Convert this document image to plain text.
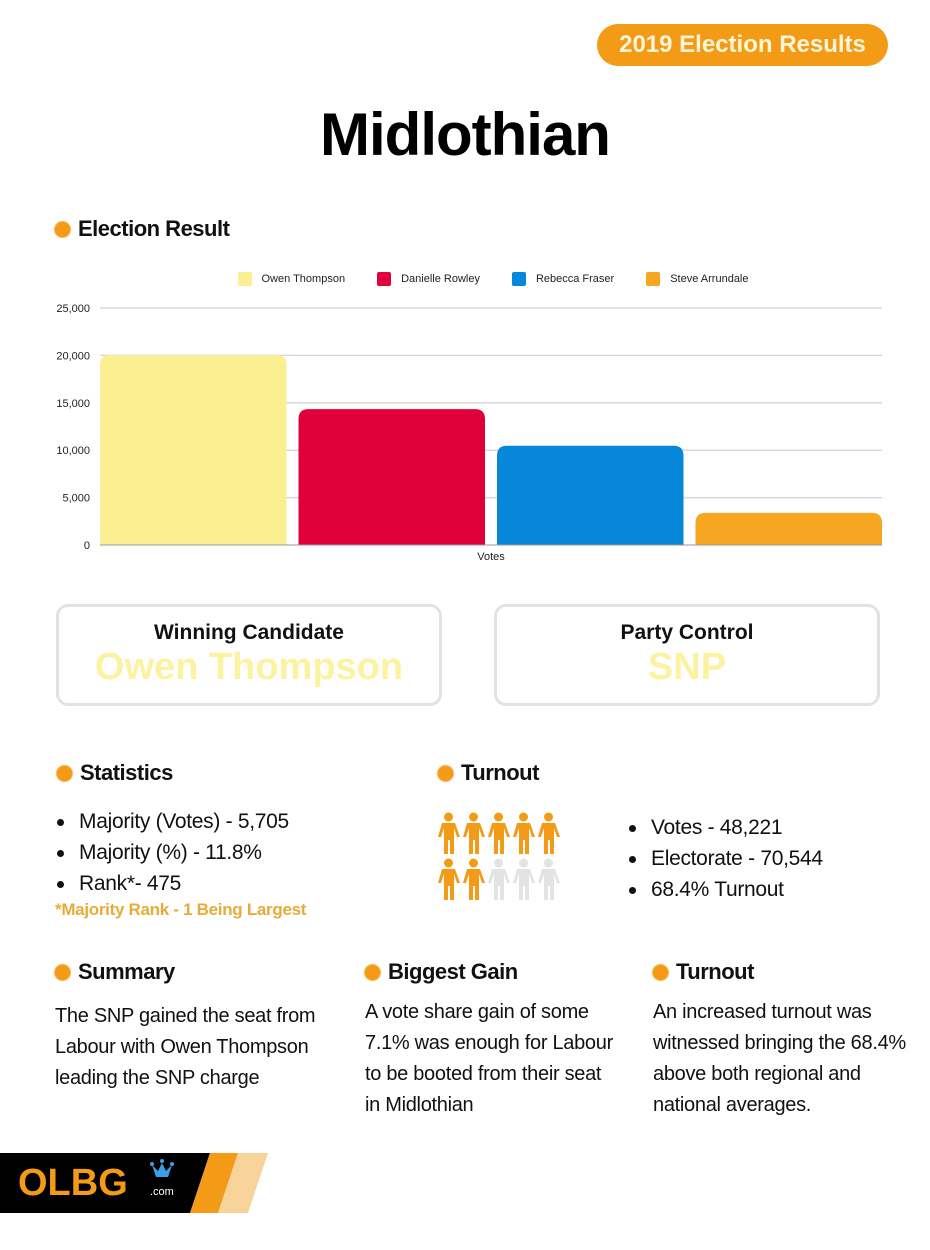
2019 Election Results
Midlothian
Election Result
Owen Thompson	Danielle Rowley	Rebecca Fraser	Steve Arrundale
0
5,000
10,000
15,000
20,000
25,000
Votes
Winning Candidate
Owen Thompson
Party Control
SNP
Statistics
Majority (Votes) - 5,705
Majority (%) - 11.8%
Rank*- 475
*Majority Rank - 1 Being Largest
Turnout
Votes - 48,221
Electorate - 70,544
68.4% Turnout
Summary
The SNP gained the seat from Labour with Owen Thompson leading the SNP charge
Biggest Gain
A vote share gain of some 7.1% was enough for Labour to be booted from their seat in Midlothian
Turnout
An increased turnout was witnessed bringing the 68.4% above both regional and national averages.
OLBG .com
